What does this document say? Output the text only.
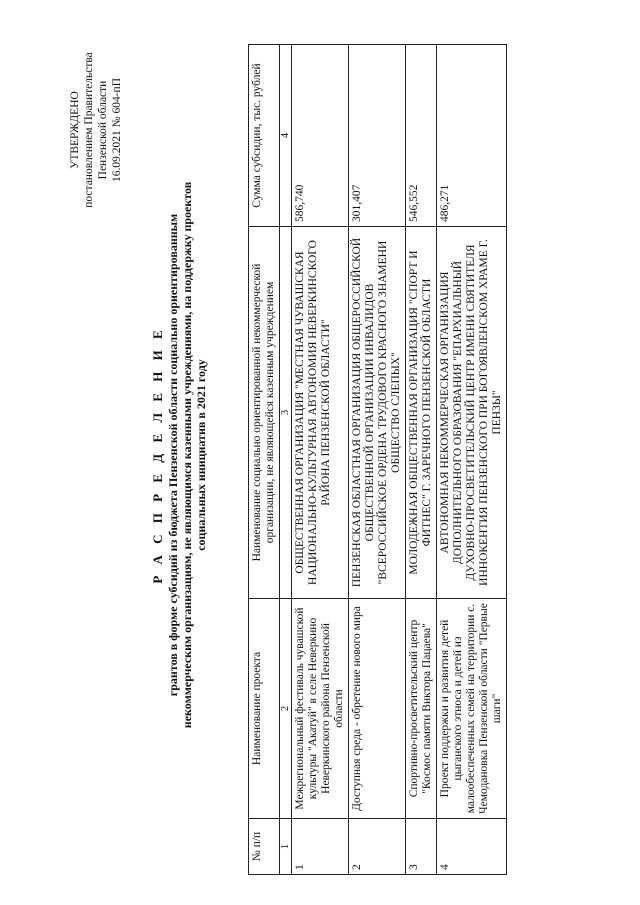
УТВЕРЖДЕНО постановлением Правительства Пензенской области 16.09.2021 № 604-пП
Р А С П Р Е Д Е Л Е Н И Е грантов в форме субсидий из бюджета Пензенской области социально ориентированным некоммерческим организациям, не являющимся казенными учреждениями, на поддержку проектов социальных инициатив в 2021 году
№ п/п	Наименование проекта	Наименование социально ориентированной некоммерческой организации, не являющейся казенным учреждением	Сумма субсидии, тыс. рублей
1	2	3	4
1	Межрегиональный фестиваль чувашской культуры "Акатуй" в селе Неверкино Неверкинского района Пензенской области	ОБЩЕСТВЕННАЯ ОРГАНИЗАЦИЯ "МЕСТНАЯ ЧУВАШСКАЯ НАЦИОНАЛЬНО-КУЛЬТУРНАЯ АВТОНОМИЯ НЕВЕРКИНСКОГО РАЙОНА ПЕНЗЕНСКОЙ ОБЛАСТИ"	586,740
2	Доступная среда - обретение нового мира	ПЕНЗЕНСКАЯ ОБЛАСТНАЯ ОРГАНИЗАЦИЯ ОБЩЕРОССИЙСКОЙ ОБЩЕСТВЕННОЙ ОРГАНИЗАЦИИ ИНВАЛИДОВ "ВСЕРОССИЙСКОЕ ОРДЕНА ТРУДОВОГО КРАСНОГО ЗНАМЕНИ ОБЩЕСТВО СЛЕПЫХ"	301,407
3	Спортивно-просветительский центр "Космос памяти Виктора Пацаева"	МОЛОДЕЖНАЯ ОБЩЕСТВЕННАЯ ОРГАНИЗАЦИЯ "СПОРТ И ФИТНЕС" Г. ЗАРЕЧНОГО ПЕНЗЕНСКОЙ ОБЛАСТИ	546,552
4	Проект поддержки и развития детей цыганского этноса и детей из малообеспеченных семей на территории с. Чемодановка Пензенской области "Первые шаги"	АВТОНОМНАЯ НЕКОММЕРЧЕСКАЯ ОРГАНИЗАЦИЯ ДОПОЛНИТЕЛЬНОГО ОБРАЗОВАНИЯ "ЕПАРХИАЛЬНЫЙ ДУХОВНО-ПРОСВЕТИТЕЛЬСКИЙ ЦЕНТР ИМЕНИ СВЯТИТЕЛЯ ИННОКЕНТИЯ ПЕНЗЕНСКОГО ПРИ БОГОЯВЛЕНСКОМ ХРАМЕ Г. ПЕНЗЫ"	486,271
